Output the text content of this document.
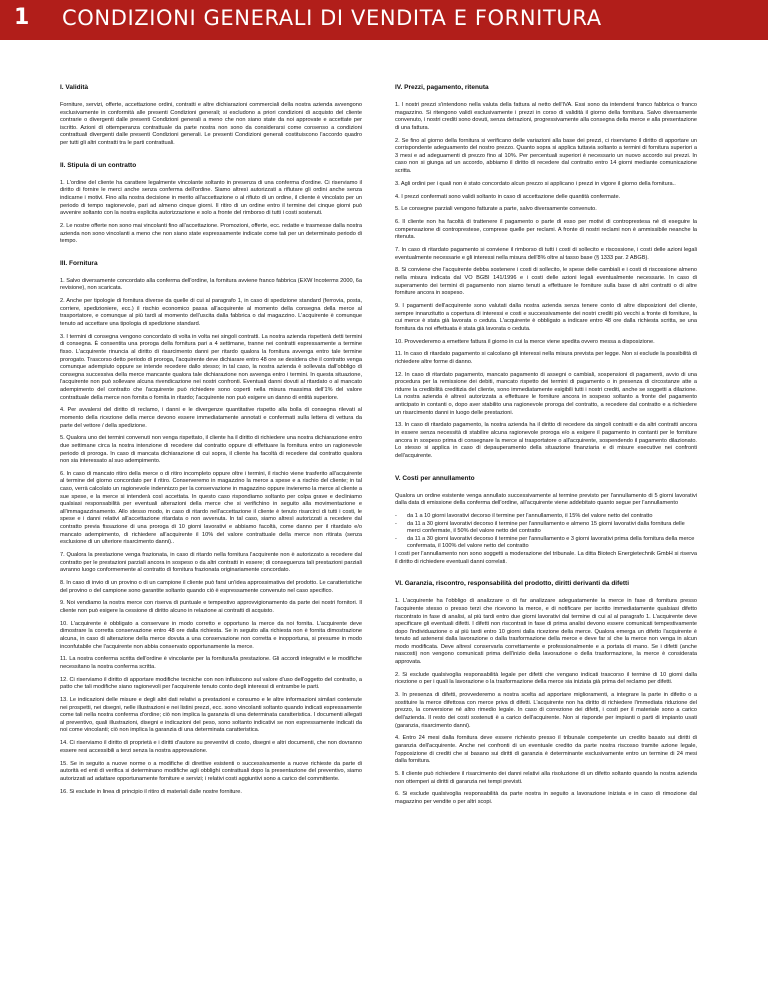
1 CONDIZIONI GENERALI DI VENDITA E FORNITURA
I. Validità

Forniture, servizi, offerte, accettazione ordini, contratti e altre dichiarazioni commerciali della nostra azienda avvengono esclusivamente in conformità alle presenti Condizioni generali; si escludono a priori condizioni di acquisto del cliente contrarie o divergenti dalle presenti Condizioni generali a meno che non siano state da noi approvate e accettate per iscritto. Azioni di ottemperanza contrattuale da parte nostra non sono da considerarsi come consenso a condizioni contrattuali divergenti dalle presenti Condizioni generali. Le presenti Condizioni generali costituiscono l'accordo quadro per tutti gli altri contratti tra le parti contrattuali.

II. Stipula di un contratto

1. L'ordine del cliente ha carattere legalmente vincolante soltanto in presenza di una conferma d'ordine. Ci riserviamo il diritto di fornire le merci anche senza conferma dell'ordine. Siamo altresì autorizzati a rifiutare gli ordini anche senza indicarne i motivi. Fino alla nostra decisione in merito all'accettazione o al rifiuto di un ordine, il cliente è vincolato per un periodo di tempo ragionevole, pari ad almeno cinque giorni. Il ritiro di un ordine entro il termine dei cinque giorni può avvenire soltanto con la nostra esplicita autorizzazione e solo a fronte del rimborso di tutti i costi sostenuti.

2. Le nostre offerte non sono mai vincolanti fino all'accettazione. Promozioni, offerte, ecc. redatte e trasmesse dalla nostra azienda non sono vincolanti a meno che non siano state espressamente indicate come tali per un determinato periodo di tempo.

III. Fornitura

1. Salvo diversamente concordato alla conferma dell'ordine, la fornitura avviene franco fabbrica (EXW Incoterms 2000, 6a revisione), non scaricata.

2. Anche per tipologie di fornitura diverse da quelle di cui al paragrafo 1, in caso di spedizione standard (ferrovia, posta, corriere, spedizioniere, ecc.) il rischio economico passa all'acquirente al momento della consegna della merce al trasportatore, e comunque al più tardi al momento dell'uscita dalla fabbrica o dal magazzino. L'acquirente è comunque tenuto ad accettare una tipologia di spedizione standard.

3. I termini di consegna vengono concordato di volta in volta nei singoli contratti. La nostra azienda rispetterà detti termini di consegna. È consentita una proroga della fornitura pari a 4 settimane, tranne nei contratti espressamente a termine fisso. L'acquirente rinuncia al diritto di risarcimento danni per ritardo qualora la fornitura avvenga entro tale termine prorogato. Trascorso detto periodo di proroga, l'acquirente deve dichiarare entro 48 ore se desidera che il contratto venga comunque adempiuto oppure se intende recedere dallo stesso; in tal caso, la nostra azienda è sollevata dall'obbligo di consegna successiva della merce mancante qualora tale dichiarazione non avvenga entro i termini. In questa situazione, l'acquirente non può sollevare alcuna rivendicazione nei nostri confronti. Eventuali danni dovuti al ritardato o al mancato adempimento del contratto che l'acquirente può richiedere sono coperti nella misura massima dell'1% del valore contrattuale della merce non fornita o fornita in ritardo; l'acquirente non può esigere un danno di entità superiore.

4. Per avvalersi del diritto di reclamo, i danni e le divergenze quantitative rispetto alla bolla di consegna rilevati al momento della ricezione della merce devono essere immediatamente annotati e confermati sulla lettera di vettura da parte del vettore / della spedizione.

5. Qualora uno dei termini convenuti non venga rispettato, il cliente ha il diritto di richiedere una nostra dichiarazione entro due settimane circa la nostra intenzione di recedere dal contratto oppure di effettuare la fornitura entro un ragionevole periodo di proroga. In caso di mancata dichiarazione di cui sopra, il cliente ha facoltà di recedere dal contratto qualora non sia interessato al suo adempimento.

6. In caso di mancato ritiro della merce o di ritiro incompleto oppure oltre i termini, il rischio viene trasferito all'acquirente al termine del giorno concordato per il ritiro. Conserveremo in magazzino la merce a spese e a rischio del cliente; in tal caso, verrà calcolato un ragionevole indennizzo per la conservazione in magazzino oppure invieremo la merce al cliente a sue spese, e la merce si intenderà così accettata. In questo caso rispondiamo soltanto per colpa grave e decliniamo qualsiasi responsabilità per eventuali alterazioni della merce che si verifichino in seguito alla movimentazione e all'immagazzinamento. Allo stesso modo, in caso di ritardo nell'accettazione il cliente è tenuto risarcirci di tutti i costi, le spese e i danni relativi all'accettazione ritardata o non avvenuta. In tal caso, siamo altresì autorizzati a recedere dal contratto previa fissazione di una proroga di 10 giorni lavorativi e abbiamo facoltà, come danno per il ritardato e/o mancato adempimento, di richiedere all'acquirente il 10% del valore contrattuale della merce non ritirata (senza esclusione di un ulteriore risarcimento danni)..

7. Qualora la prestazione venga frazionata, in caso di ritardo nella fornitura l'acquirente non è autorizzato a recedere dal contratto per le prestazioni parziali ancora in sospeso o da altri contratti in essere; di conseguenza tali prestazioni parziali avranno luogo conformemente al contratto di fornitura frazionata originariamente concordato.

8. In caso di invio di un provino o di un campione il cliente può farsi un'idea approssimativa del prodotto. Le caratteristiche del provino o del campione sono garantite soltanto quando ciò è espressamente convenuto nel caso specifico.

9. Noi vendiamo la nostra merce con riserva di puntuale e tempestivo approvvigionamento da parte dei nostri fornitori. Il cliente non può esigere la cessione di diritto alcuno in relazione ai contratti di acquisto.

10. L'acquirente è obbligato a conservare in modo corretto e opportuno la merce da noi fornita. L'acquirente deve dimostrare la corretta conservazione entro 48 ore dalla richiesta. Se in seguito alla richiesta non è fornita dimostrazione alcuna, in caso di alterazione della merce dovuta a una conservazione non corretta e inopportuna, si presume in modo inconfutabile che l'acquirente non abbia conservato opportunamente la merce.

11. La nostra conferma scritta dell'ordine è vincolante per la fornitura/la prestazione. Gli accordi integrativi e le modifiche necessitano la nostra conferma scritta.

12. Ci riserviamo il diritto di apportare modifiche tecniche con non influiscono sul valore d'uso dell'oggetto del contratto, a patto che tali modifiche siano ragionevoli per l'acquirente tenuto conto degli interessi di entrambe le parti.

13. Le indicazioni delle misure e degli altri dati relativi a prestazioni e consumo e le altre informazioni similari contenute nei prospetti, nei disegni, nelle illustrazioni e nei listini prezzi, ecc. sono vincolanti soltanto quando indicati espressamente come tali nella nostra conferma d'ordine; ciò non implica la garanzia di una determinata caratteristica. I documenti allegati al preventivo, quali illustrazioni, disegni e indicazioni del peso, sono soltanto indicativi se non espressamente indicati da noi come vincolanti; ciò non implica la garanzia di una determinata caratteristica.

14. Ci riserviamo il diritto di proprietà e i diritti d'autore su preventivi di costo, disegni e altri documenti, che non dovranno essere resi accessibili a terzi senza la nostra approvazione.

15. Se in seguito a nuove norme o a modifiche di direttive esistenti o successivamente a nuove richieste da parte di autorità ed enti di verifica si determinano modifiche agli obblighi contrattuali dopo la presentazione del preventivo, siamo autorizzati ad adattare opportunamente forniture e servizi; i relativi costi aggiuntivi sono a carico del committente.

16. Si esclude in linea di principio il ritiro di materiali dalle nostre forniture.

IV. Prezzi, pagamento, ritenuta

1. I nostri prezzi s'intendono nella valuta della fattura al netto dell'IVA. Essi sono da intendersi franco fabbrica o franco magazzino. Si ritengono validi esclusivamente i prezzi in corso di validità il giorno della fornitura. Salvo diversamente convenuto, i nostri crediti sono dovuti, senza detrazioni, progressivamente alla consegna della merce e alla presentazione di una fattura.

2. Se fino al giorno della fornitura si verificano delle variazioni alla base dei prezzi, ci riserviamo il diritto di apportare un corrispondente adeguamento del nostro prezzo. Quanto sopra si applica tuttavia soltanto a termini di fornitura superiori a 3 mesi e ad adeguamenti di prezzo fino al 10%. Per percentuali superiori è necessario un nuovo accordo sui prezzi. In caso non si giunga ad un accordo, abbiamo il diritto di recedere dal contratto entro 14 giorni mediante comunicazione scritta.

3. Agli ordini per i quali non è stato concordato alcun prezzo si applicano i prezzi in vigore il giorno della fornitura..

4. I prezzi confermati sono validi soltanto in caso di accettazione delle quantità confermate.

5. Le consegne parziali vengono fatturate a parte, salvo diversamente convenuto.

6. Il cliente non ha facoltà di trattenere il pagamento o parte di esso per motivi di controprestesa né di eseguire la compensazione di controprestese, comprese quelle per reclami. A fronte di nostri reclami non è ammissibile neanche la ritenuta.

7. In caso di ritardato pagamento si conviene il rimborso di tutti i costi di sollecito e riscossione, i costi delle azioni legali eventualmente necessarie e gli interessi nella misura dell'8% oltre al tasso base (§ 1333 par. 2 ABGB).

8. Si conviene che l'acquirente debba sostenere i costi di sollecito, le spese delle cambiali e i costi di riscossione almeno nella misura indicata dal VO BGBI 141/1996 e i costi delle azioni legali eventualmente necessarie. In caso di superamento dei termini di pagamento non siamo tenuti a effettuare le forniture sulla base di altri contratti o di altre forniture ancora in sospeso.

9. I pagamenti dell'acquirente sono valutati dalla nostra azienda senza tenere conto di altre disposizioni del cliente, sempre innanzitutto a copertura di interessi e costi e successivamente dei nostri crediti più vecchi a fronte di forniture, la cui merce è stata già lavorata o ceduta. L'acquirente è obbligato a indicare entro 48 ore dalla richiesta scritta, se una fornitura da noi effettuata è stata già lavorata o ceduta.

10. Provvederemo a emettere fattura il giorno in cui la merce viene spedita ovvero messa a disposizione.

11. In caso di ritardato pagamento si calcolano gli interessi nella misura prevista per legge. Non si esclude la possibilità di richiedere altre forme di danno.

12. In caso di ritardato pagamento, mancato pagamento di assegni o cambiali, sospensioni di pagamenti, avvio di una procedura per la remissione dei debiti, mancato rispetto dei termini di pagamento o in presenza di circostanze atte a ridurre la credibilità creditizia del cliente, sono immediatamente esigibili tutti i nostri crediti, anche se soggetti a dilazione. La nostra azienda è altresì autorizzata a effettuare le forniture ancora in sospeso soltanto a fronte del pagamento anticipato in contanti o, dopo aver stabilito una ragionevole proroga del contratto, a recedere dal contratto e a richiedere un risarcimento danni in luogo delle prestazioni.

13. In caso di ritardato pagamento, la nostra azienda ha il diritto di recedere da singoli contratti e da altri contratti ancora in essere senza necessità di stabilire alcuna ragionevole proroga e/o a esigere il pagamento in contanti per le forniture ancora in sospeso prima di consegnare la merce al trasportatore o all'acquirente, sospendendo il pagamento dilazionato. Lo stesso si applica in caso di depauperamento della situazione finanziaria e di misure esecutive nei confronti dell'acquirente.

V. Costi per annullamento

Qualora un ordine esistente venga annullato successivamente al termine previsto per l'annullamento di 5 giorni lavorativi dalla data di emissione della conferma dell'ordine, all'acquirente viene addebitato quanto segue per l'annullamento

-	da 1 a 10 giorni lavorativi decorso il termine per l'annullamento, il 15% del valore netto del contratto
-	da 11 a 30 giorni lavorativi decorso il termine per l'annullamento e almeno 15 giorni lavorativi dalla fornitura delle merci confermate, il 50% del valore netto del contratto
-	da 11 a 30 giorni lavorativi decorso il termine per l'annullamento e 3 giorni lavorativi prima della fornitura della merce confermata, il 100% del valore netto del contratto

I costi per l'annullamento non sono soggetti a moderazione del tribunale. La ditta Biotech Energietechnik GmbH si riserva il diritto di richiedere eventuali danni correlati.

VI. Garanzia, riscontro, responsabilità del prodotto, diritti derivanti da difetti

1. L'acquirente ha l'obbligo di analizzare o di far analizzare adeguatamente la merce in fase di fornitura presso l'acquirente stesso o presso terzi che ricevono la merce, e di notificare per iscritto immediatamente qualsiasi difetto riscontrato in fase di analisi, al più tardi entro due giorni lavorativi dal termine di cui al al paragrafo 1. L'acquirente deve specificare gli eventuali difetti. I difetti non riscontrati in fase di prima analisi devono essere comunicati tempestivamente dopo l'individuazione o al più tardi entro 10 giorni dalla ricezione della merce. Qualora emerga un difetto l'acquirente è tenuto ad astenersi dalla lavorazione o dalla trasformazione della merce e deve far sì che la merce non venga in alcun modo modificata. Deve altresì conservarla correttamente e professionalmente e a portata di mano. Se i difetti (anche nascosti) non vengono comunicati prima dell'inizio della lavorazione o della trasformazione, la merce è considerata approvata.

2. Si esclude qualsivoglia responsabilità legale per difetti che vengano indicati trascorso il termine di 10 giorni dalla ricezione o per i quali la lavorazione o la trasformazione della merce sia iniziata già prima del reclamo per difetti.

3. In presenza di difetti, provvederemo a nostra scelta ad apportare miglioramenti, a integrare la parte in difetto o a sostituire la merce difettosa con merce priva di difetti. L'acquirente non ha diritto di richiedere l'immediata riduzione del prezzo, la conversione né altro rimedio legale. In caso di correzione dei difetti, i costi per il materiale sono a carico dell'azienda. Il resto dei costi sostenuti è a carico dell'acquirente. Non si risponde per impianti o parti di impianto usati (garanzia, risarcimento danni).

4. Entro 24 mesi dalla fornitura deve essere richiesto presso il tribunale competente un credito basato sui diritti di garanzia dell'acquirente. Anche nei confronti di un eventuale credito da parte nostra riscosso tramite azione legale, l'opposizione di crediti che si basano sui diritti di garanzia è determinante esclusivamente entro un termine di 24 mesi dalla fornitura.

5. Il cliente può richiedere il risarcimento dei danni relativi alla risoluzione di un difetto soltanto quando la nostra azienda non ottemperi ai diritti di garanzia nei tempi previsti.

6. Si esclude qualsivoglia responsabilità da parte nostra in seguito a lavorazione iniziata e in caso di rimozione dal magazzino per vendite o per altri scopi.
